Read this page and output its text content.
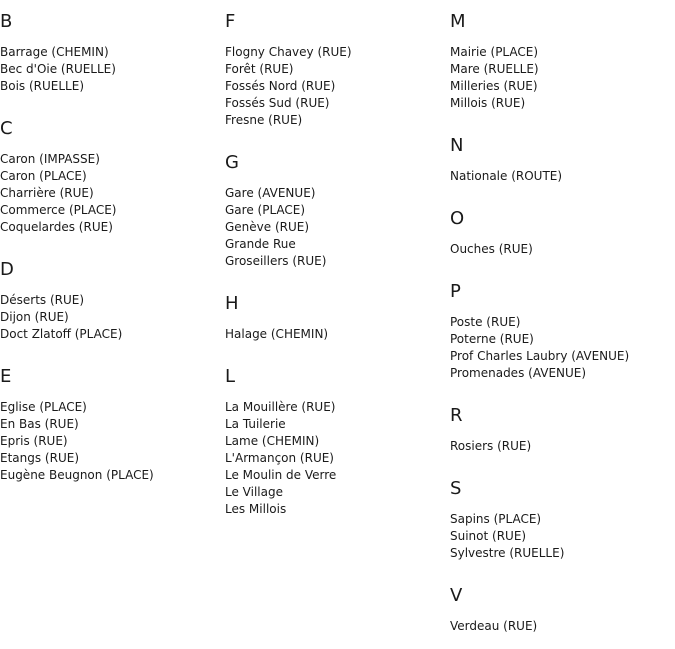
B
Barrage (CHEMIN)
Bec d'Oie (RUELLE)
Bois (RUELLE)
C
Caron (IMPASSE)
Caron (PLACE)
Charrière (RUE)
Commerce (PLACE)
Coquelardes (RUE)
D
Déserts (RUE)
Dijon (RUE)
Doct Zlatoff (PLACE)
E
Eglise (PLACE)
En Bas (RUE)
Epris (RUE)
Etangs (RUE)
Eugène Beugnon (PLACE)
F
Flogny Chavey (RUE)
Forêt (RUE)
Fossés Nord (RUE)
Fossés Sud (RUE)
Fresne (RUE)
G
Gare (AVENUE)
Gare (PLACE)
Genève (RUE)
Grande Rue
Groseillers (RUE)
H
Halage (CHEMIN)
L
La Mouillère (RUE)
La Tuilerie
Lame (CHEMIN)
L'Armançon (RUE)
Le Moulin de Verre
Le Village
Les Millois
M
Mairie (PLACE)
Mare (RUELLE)
Milleries (RUE)
Millois (RUE)
N
Nationale (ROUTE)
O
Ouches (RUE)
P
Poste (RUE)
Poterne (RUE)
Prof Charles Laubry (AVENUE)
Promenades (AVENUE)
R
Rosiers (RUE)
S
Sapins (PLACE)
Suinot (RUE)
Sylvestre (RUELLE)
V
Verdeau (RUE)
